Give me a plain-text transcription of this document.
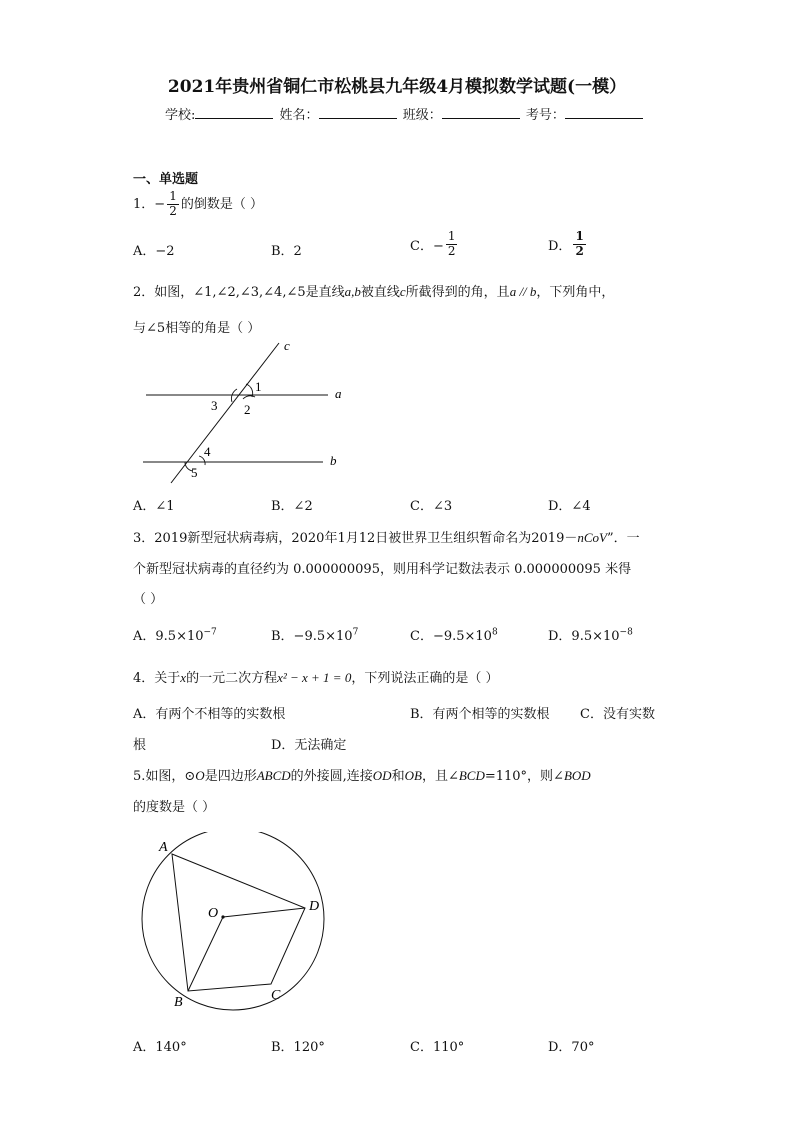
2021年贵州省铜仁市松桃县九年级4月模拟数学试题(一模）
学校:	姓名：	班级：	考号：
一、单选题
1．− $\frac{1}{2}$ 的倒数是（ ）
A．−2	B．2	C．− $\frac{1}{2}$	D． $\frac{1}{2}$
2．如图，∠1,∠2,∠3,∠4,∠5是直线a,b被直线c所截得到的角，且a // b，下列角中，
与∠5相等的角是（ ）
c
a
b
1
2
3
4
5
A．∠1	B．∠2	C．∠3	D．∠4
3．2019新型冠状病毒病，2020年1月12日被世界卫生组织暂命名为2019－nCoV”．一
个新型冠状病毒的直径约为 0.000000095，则用科学记数法表示 0.000000095 米得
（ ）
A．$9.5\times 10^{-7}$	B．$-9.5\times 10^7$	C．$-9.5\times 10^8$	D．$9.5\times 10^{-8}$
4．关于x的一元二次方程x² − x + 1 = 0，下列说法正确的是（ ）
A．有两个不相等的实数根	B．有两个相等的实数根 C．没有实数
根	D．无法确定
5.如图，⊙O是四边形ABCD的外接圆,连接OD和OB，且∠BCD=110°，则∠BOD
的度数是（ ）
A
D
C
B
O
A．140°	B．120°	C．110°	D．70°
